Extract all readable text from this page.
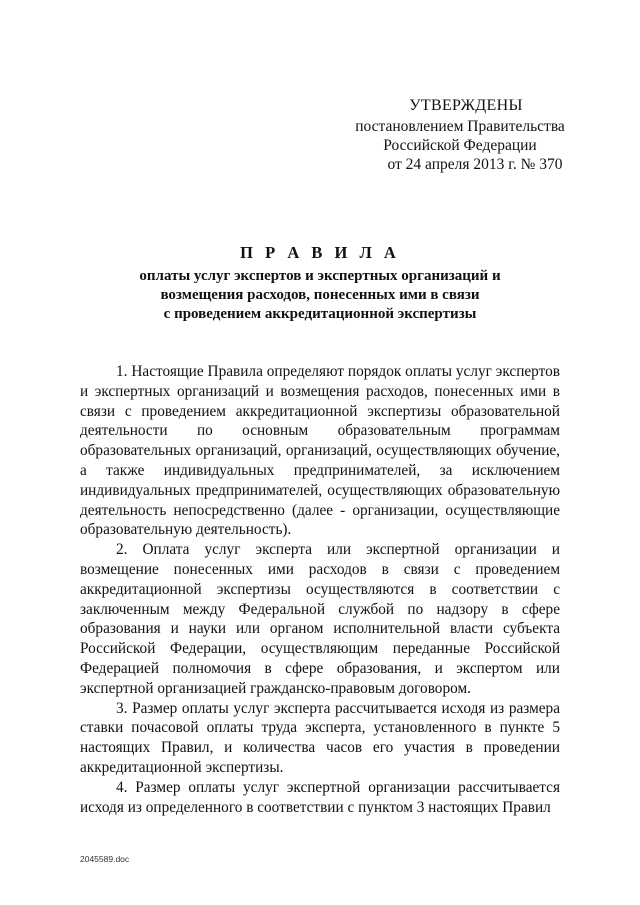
УТВЕРЖДЕНЫ
постановлением Правительства
Российской Федерации
от 24 апреля 2013 г. № 370
П Р А В И Л А
оплаты услуг экспертов и экспертных организаций и
возмещения расходов, понесенных ими в связи
с проведением аккредитационной экспертизы

1. Настоящие Правила определяют порядок оплаты услуг экспертов и экспертных организаций и возмещения расходов, понесенных ими в связи с проведением аккредитационной экспертизы образовательной деятельности по основным образовательным программам образовательных организаций, организаций, осуществляющих обучение, а также индивидуальных предпринимателей, за исключением индивидуальных предпринимателей, осуществляющих образовательную деятельность непосредственно (далее - организации, осуществляющие образовательную деятельность).

2. Оплата услуг эксперта или экспертной организации и возмещение понесенных ими расходов в связи с проведением аккредитационной экспертизы осуществляются в соответствии с заключенным между Федеральной службой по надзору в сфере образования и науки или органом исполнительной власти субъекта Российской Федерации, осуществляющим переданные Российской Федерацией полномочия в сфере образования, и экспертом или экспертной организацией гражданско-правовым договором.

3. Размер оплаты услуг эксперта рассчитывается исходя из размера ставки почасовой оплаты труда эксперта, установленного в пункте 5 настоящих Правил, и количества часов его участия в проведении аккредитационной экспертизы.

4. Размер оплаты услуг экспертной организации рассчитывается исходя из определенного в соответствии с пунктом 3 настоящих Правил

2045589.doc
